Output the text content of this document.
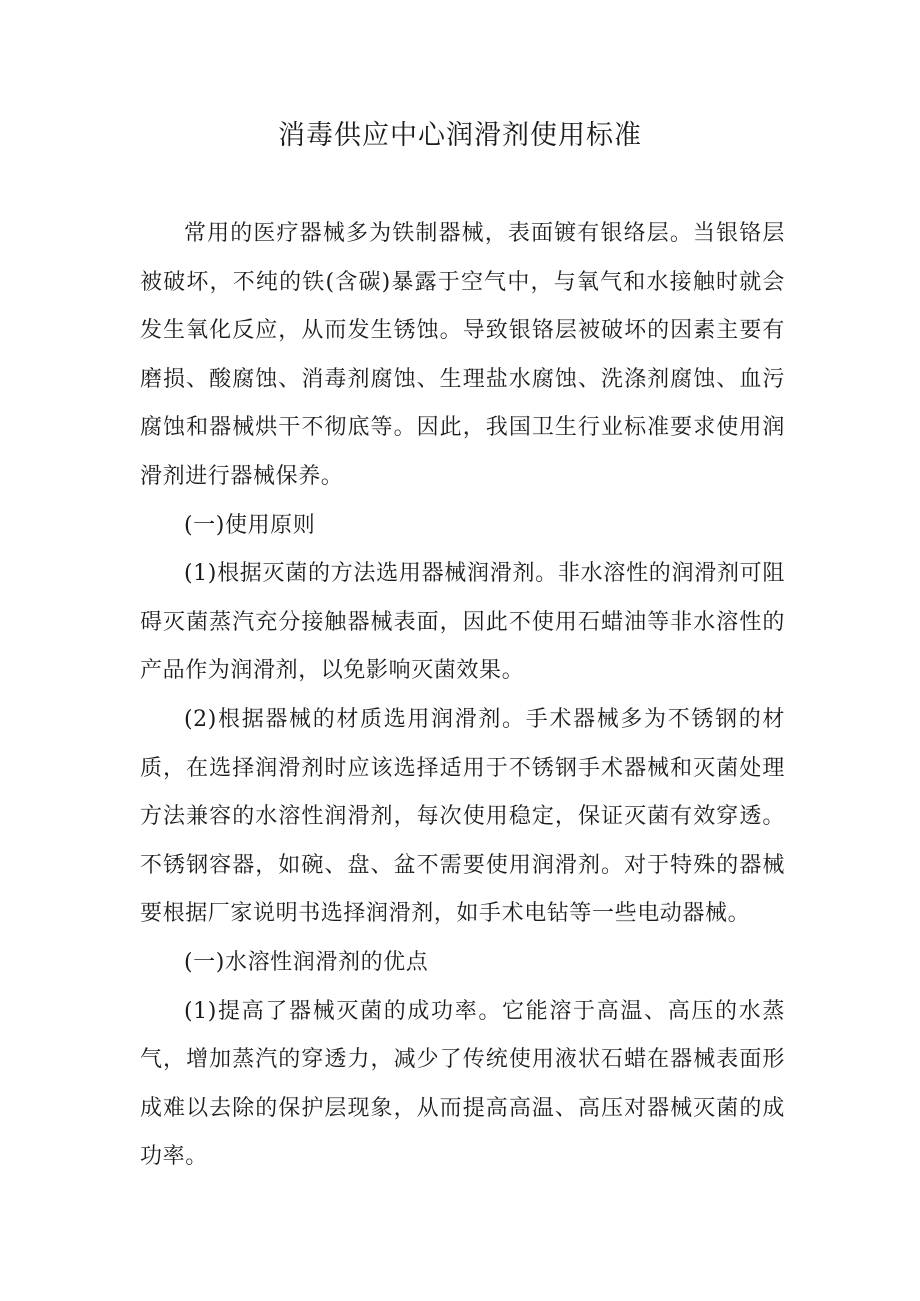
消毒供应中心润滑剂使用标准

常用的医疗器械多为铁制器械，表面镀有银络层。当银铬层被破坏，不纯的铁(含碳)暴露于空气中，与氧气和水接触时就会发生氧化反应，从而发生锈蚀。导致银铬层被破坏的因素主要有磨损、酸腐蚀、消毒剂腐蚀、生理盐水腐蚀、洗涤剂腐蚀、血污腐蚀和器械烘干不彻底等。因此，我国卫生行业标准要求使用润滑剂进行器械保养。

(一)使用原则

(1)根据灭菌的方法选用器械润滑剂。非水溶性的润滑剂可阻碍灭菌蒸汽充分接触器械表面，因此不使用石蜡油等非水溶性的产品作为润滑剂，以免影响灭菌效果。

(2)根据器械的材质选用润滑剂。手术器械多为不锈钢的材质，在选择润滑剂时应该选择适用于不锈钢手术器械和灭菌处理方法兼容的水溶性润滑剂，每次使用稳定，保证灭菌有效穿透。不锈钢容器，如碗、盘、盆不需要使用润滑剂。对于特殊的器械要根据厂家说明书选择润滑剂，如手术电钻等一些电动器械。

(一)水溶性润滑剂的优点

(1)提高了器械灭菌的成功率。它能溶于高温、高压的水蒸气，增加蒸汽的穿透力，减少了传统使用液状石蜡在器械表面形成难以去除的保护层现象，从而提高高温、高压对器械灭菌的成功率。
